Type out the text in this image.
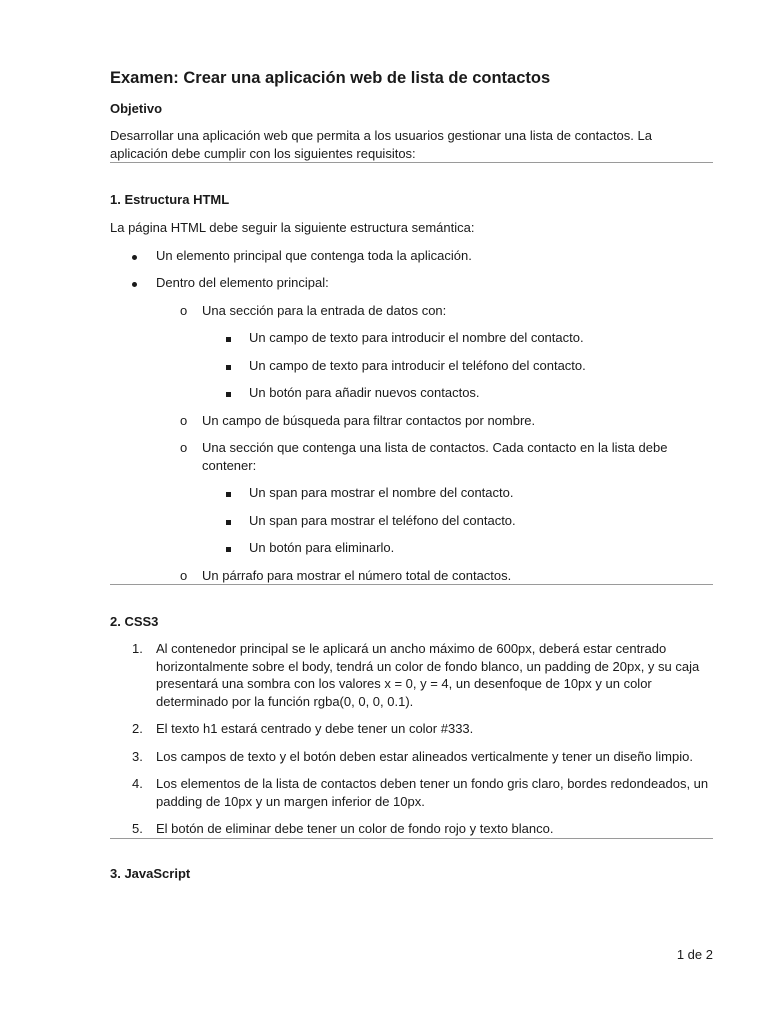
Examen: Crear una aplicación web de lista de contactos

Objetivo

Desarrollar una aplicación web que permita a los usuarios gestionar una lista de contactos. La aplicación debe cumplir con los siguientes requisitos:

1. Estructura HTML

La página HTML debe seguir la siguiente estructura semántica:

Un elemento principal que contenga toda la aplicación.
Dentro del elemento principal:
o Una sección para la entrada de datos con:
Un campo de texto para introducir el nombre del contacto.
Un campo de texto para introducir el teléfono del contacto.
Un botón para añadir nuevos contactos.
o Un campo de búsqueda para filtrar contactos por nombre.
o Una sección que contenga una lista de contactos. Cada contacto en la lista debe contener:
Un span para mostrar el nombre del contacto.
Un span para mostrar el teléfono del contacto.
Un botón para eliminarlo.
o Un párrafo para mostrar el número total de contactos.

2. CSS3

1. Al contenedor principal se le aplicará un ancho máximo de 600px, deberá estar centrado horizontalmente sobre el body, tendrá un color de fondo blanco, un padding de 20px, y su caja presentará una sombra con los valores x = 0, y = 4, un desenfoque de 10px y un color determinado por la función rgba(0, 0, 0, 0.1).
2. El texto h1 estará centrado y debe tener un color #333.
3. Los campos de texto y el botón deben estar alineados verticalmente y tener un diseño limpio.
4. Los elementos de la lista de contactos deben tener un fondo gris claro, bordes redondeados, un padding de 10px y un margen inferior de 10px.
5. El botón de eliminar debe tener un color de fondo rojo y texto blanco.

3. JavaScript

1 de 2
